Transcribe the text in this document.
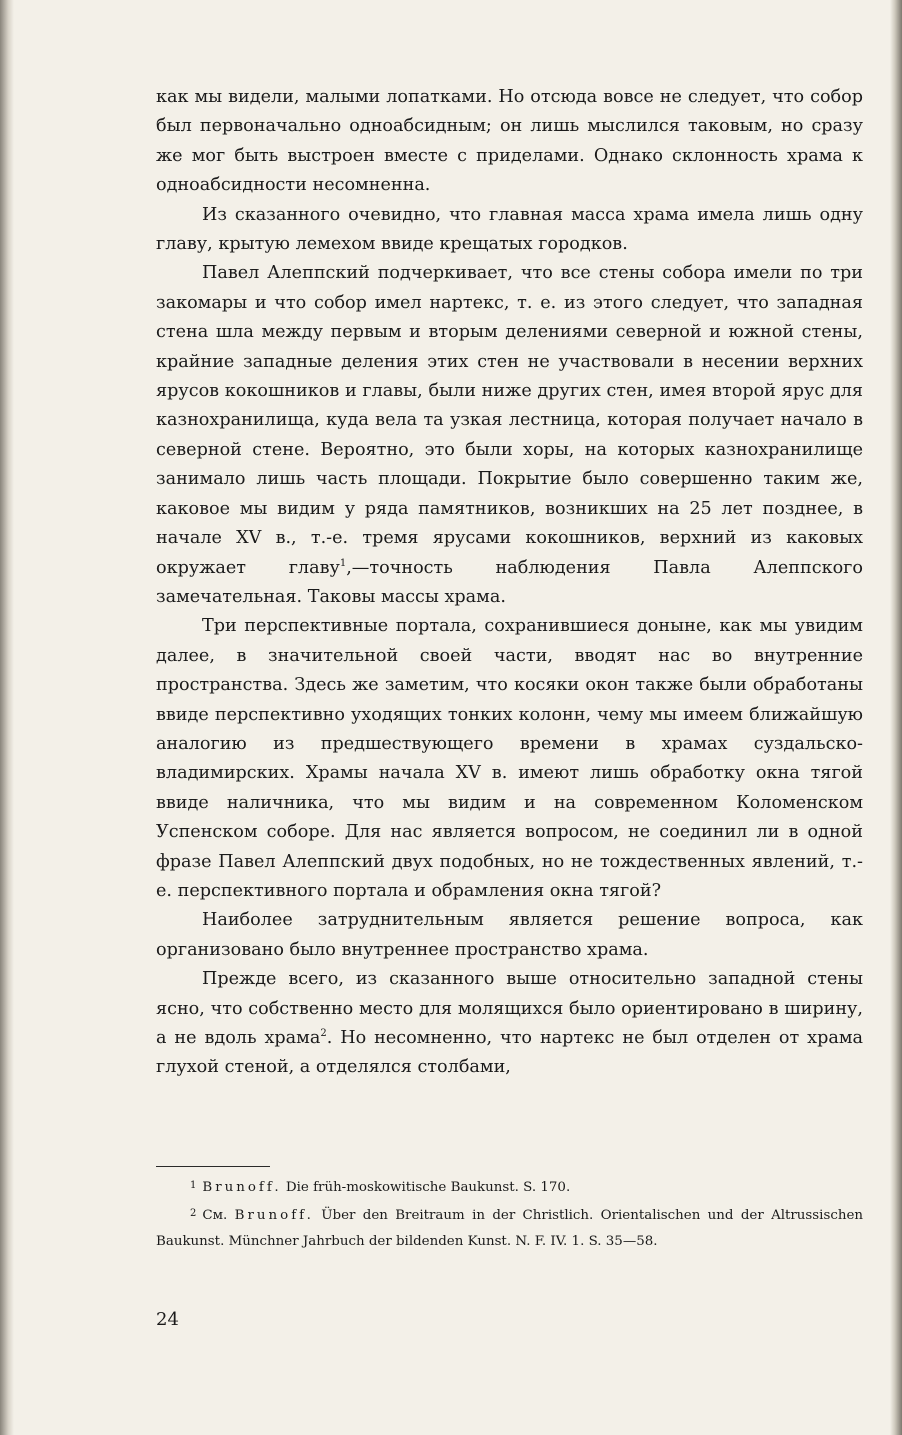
как мы видели, малыми лопатками. Но отсюда вовсе не следует, что собор был первоначально одноабсидным; он лишь мыслился таковым, но сразу же мог быть выстроен вместе с приделами. Однако склонность храма к одноабсидности несомненна.

Из сказанного очевидно, что главная масса храма имела лишь одну главу, крытую лемехом ввиде крещатых городков.

Павел Алеппский подчеркивает, что все стены собора имели по три закомары и что собор имел нартекс, т. е. из этого следует, что западная стена шла между первым и вторым делениями северной и южной стены, крайние западные деления этих стен не участвовали в несении верхних ярусов кокошников и главы, были ниже других стен, имея второй ярус для казнохранилища, куда вела та узкая лестница, которая получает начало в северной стене. Вероятно, это были хоры, на которых казнохранилище занимало лишь часть площади. Покрытие было совершенно таким же, каковое мы видим у ряда памятников, возникших на 25 лет позднее, в начале XV в., т.-е. тремя ярусами кокошников, верхний из каковых окружает главу$^1$,—точность наблюдения Павла Алеппского замечательная. Таковы массы храма.

Три перспективные портала, сохранившиеся доныне, как мы увидим далее, в значительной своей части, вводят нас во внутренние пространства. Здесь же заметим, что косяки окон также были обработаны ввиде перспективно уходящих тонких колонн, чему мы имеем ближайшую аналогию из предшествующего времени в храмах суздальско-владимирских. Храмы начала XV в. имеют лишь обработку окна тягой ввиде наличника, что мы видим и на современном Коломенском Успенском соборе. Для нас является вопросом, не соединил ли в одной фразе Павел Алеппский двух подобных, но не тождественных явлений, т.-е. перспективного портала и обрамления окна тягой?

Наиболее затруднительным является решение вопроса, как организовано было внутреннее пространство храма.

Прежде всего, из сказанного выше относительно западной стены ясно, что собственно место для молящихся было ориентировано в ширину, а не вдоль храма$^2$. Но несомненно, что нартекс не был отделен от храма глухой стеной, а отделялся столбами,

$^1$ Brunoff. Die früh-moskowitische Baukunst. S. 170.

$^2$ См. Brunoff. Über den Breitraum in der Christlich. Orientalischen und der Altrussischen Baukunst. Münchner Jahrbuch der bildenden Kunst. N. F. IV. 1. S. 35—58.

24
